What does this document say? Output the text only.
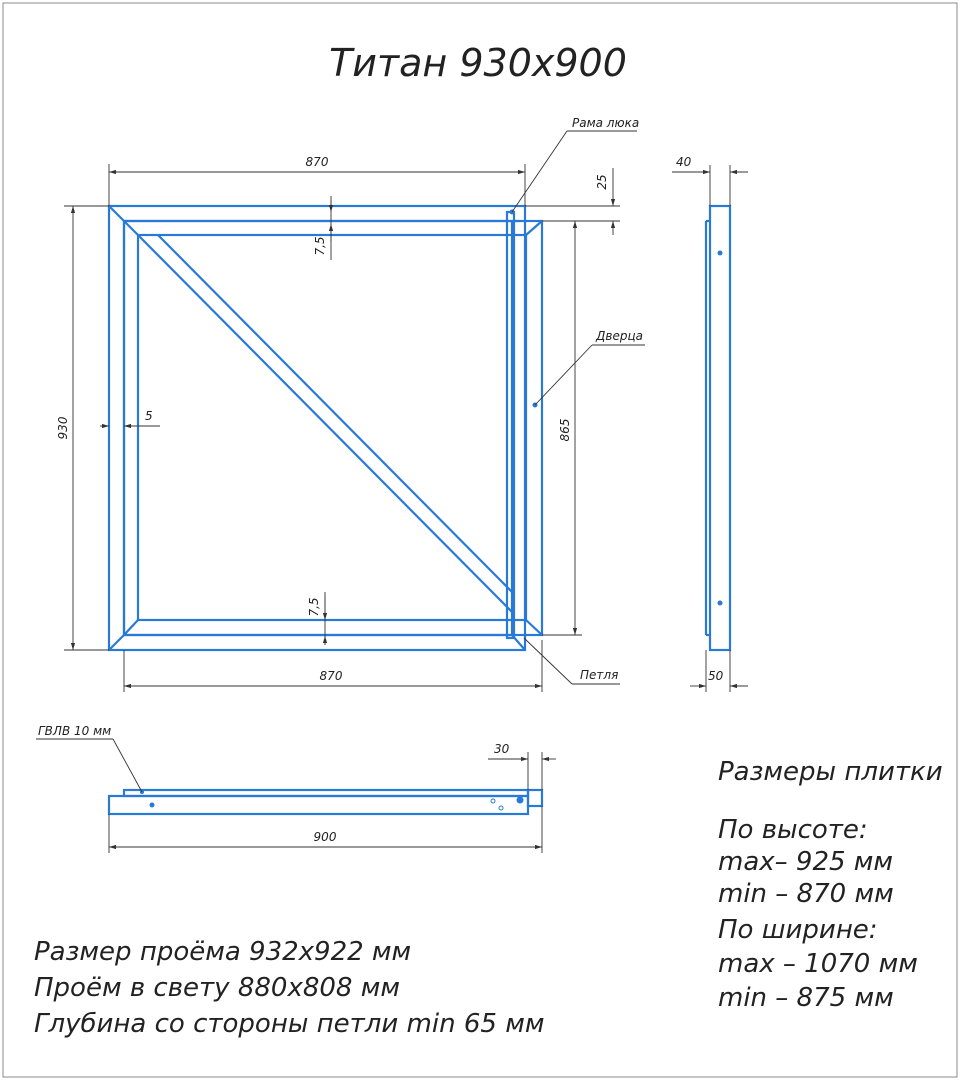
Титан 930х900
870
870
930	865
7,5
7,5
25
5
Рама люка
Дверца
Петля
40
50
ГВЛВ 10 мм
30
900
Размеры плитки
По высоте:
max– 925 мм
min – 870 мм
По ширине:
max – 1070 мм
min – 875 мм
Размер проёма 932х922 мм
Проём в свету 880х808 мм
Глубина со стороны петли min 65 мм
